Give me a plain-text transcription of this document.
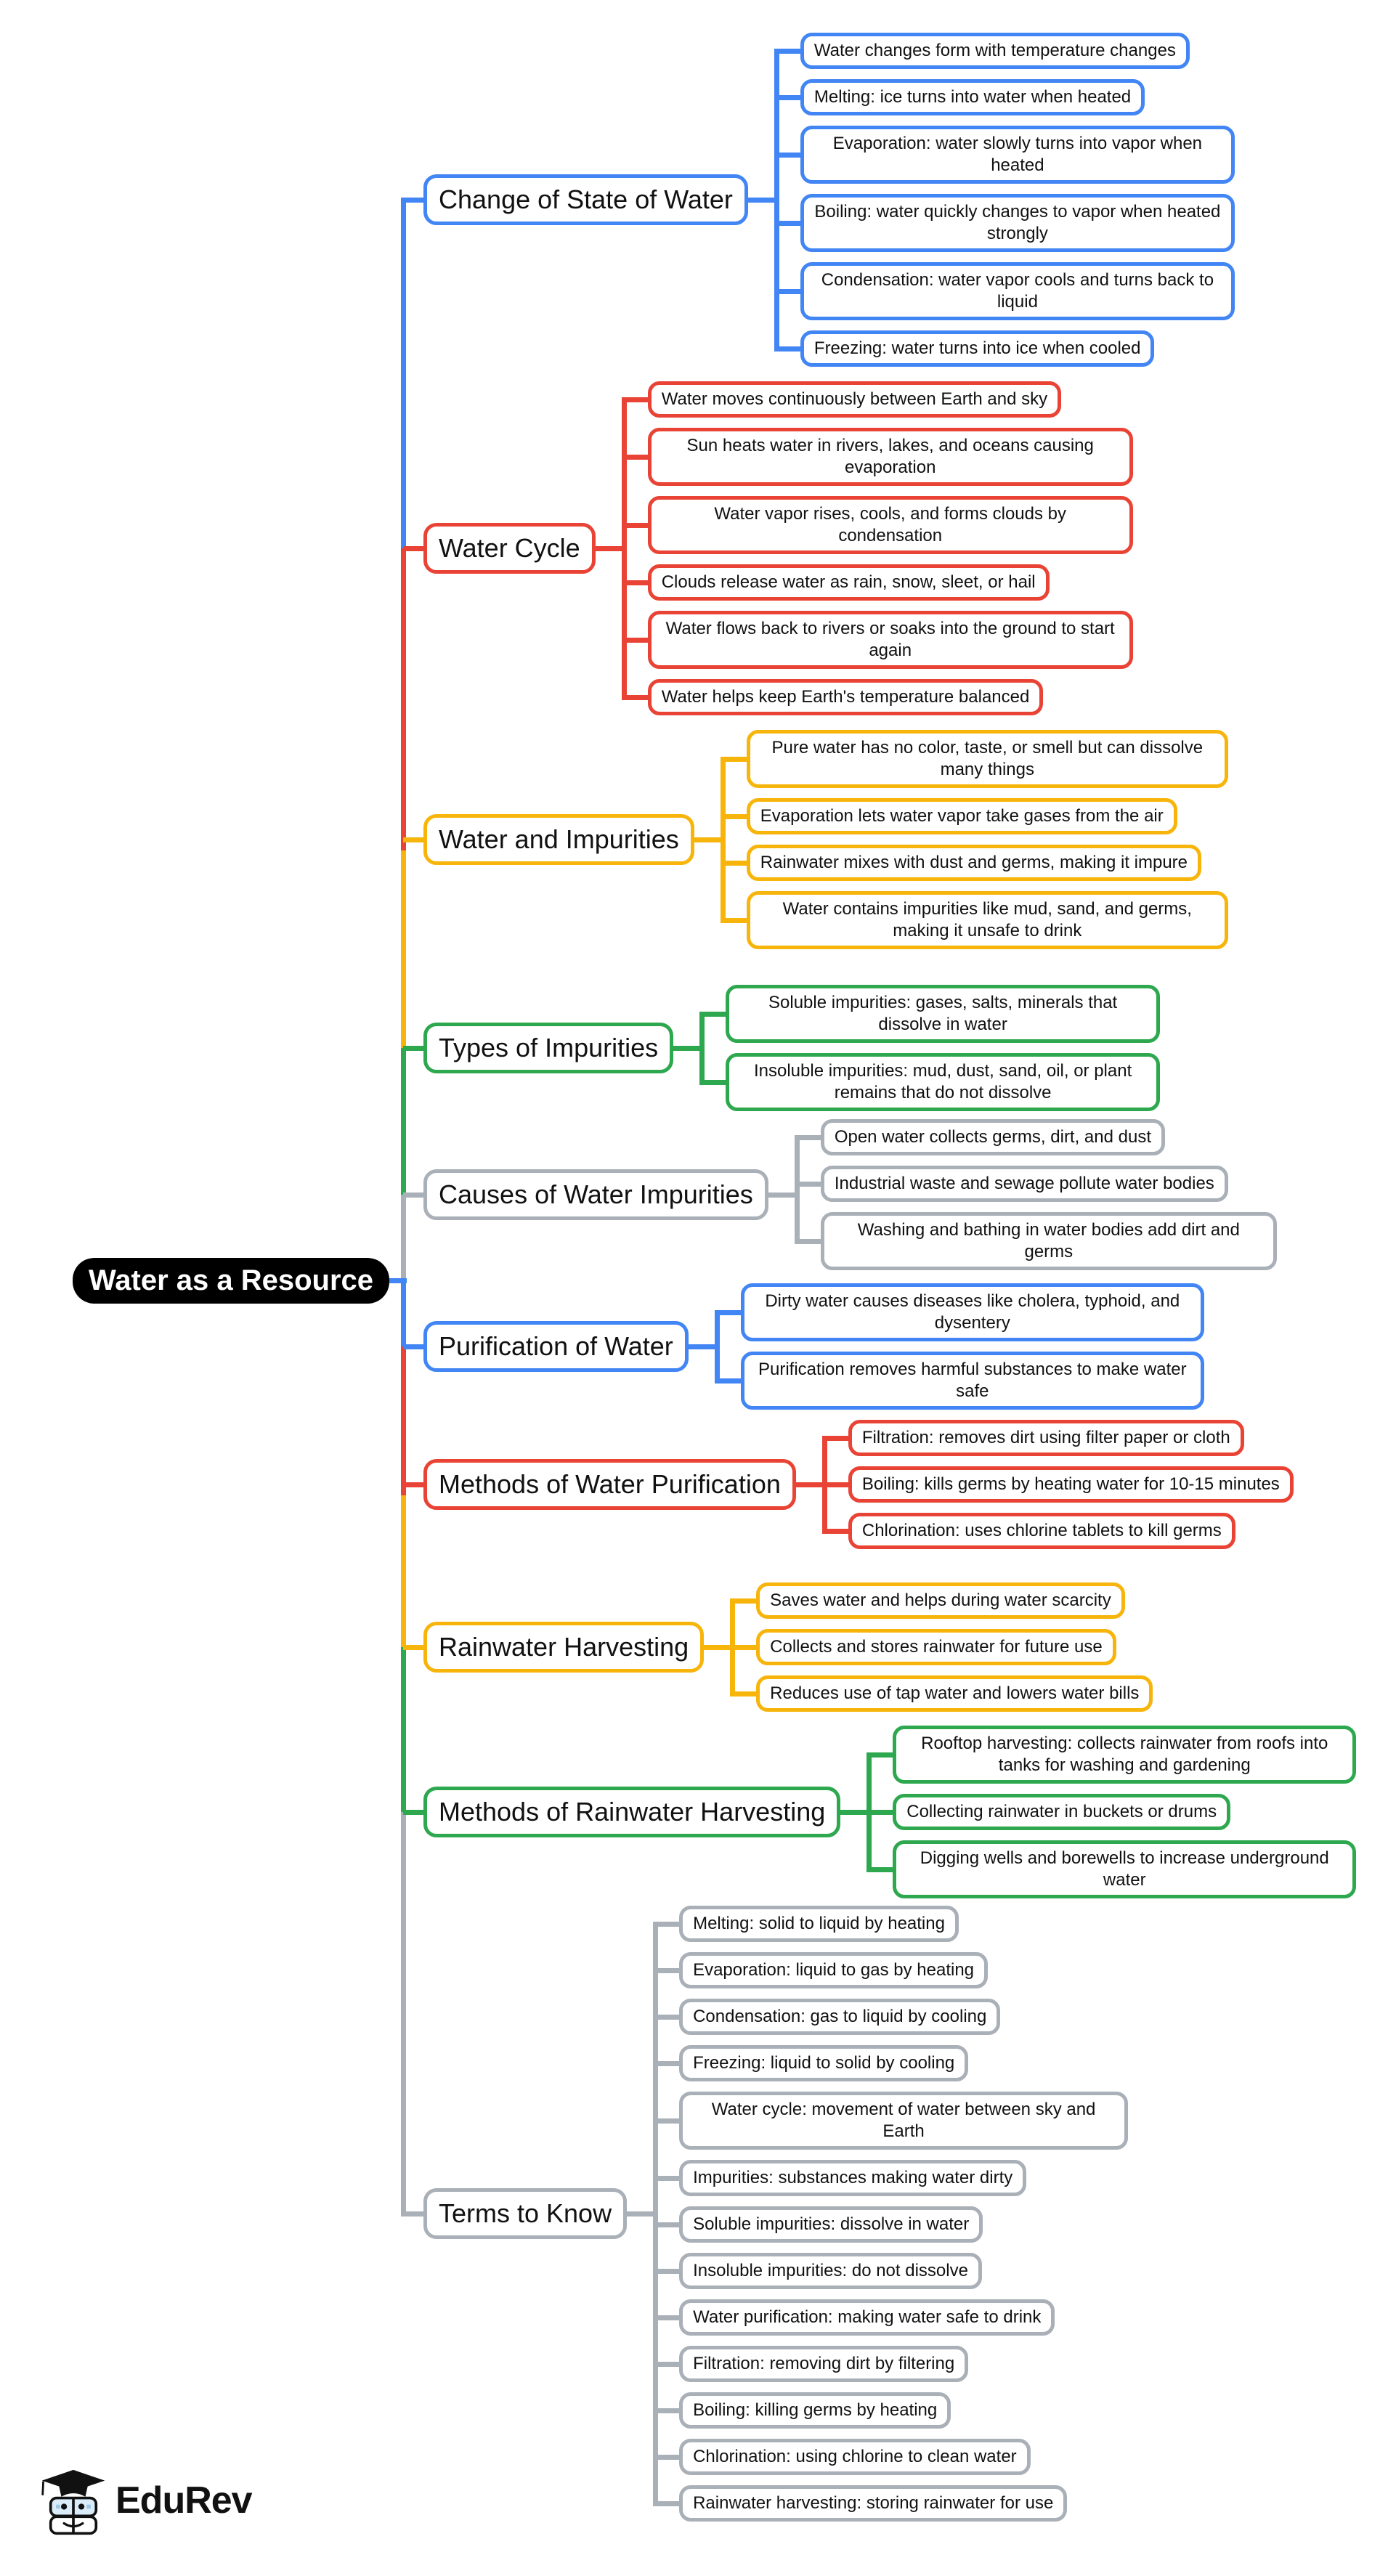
Water as a Resource
Change of State of Water
Water changes form with temperature changes
Melting: ice turns into water when heated
Evaporation: water slowly turns into vapor when heated
Boiling: water quickly changes to vapor when heated strongly
Condensation: water vapor cools and turns back to liquid
Freezing: water turns into ice when cooled
Water Cycle
Water moves continuously between Earth and sky
Sun heats water in rivers, lakes, and oceans causing evaporation
Water vapor rises, cools, and forms clouds by condensation
Clouds release water as rain, snow, sleet, or hail
Water flows back to rivers or soaks into the ground to start again
Water helps keep Earth's temperature balanced
Water and Impurities
Pure water has no color, taste, or smell but can dissolve many things
Evaporation lets water vapor take gases from the air
Rainwater mixes with dust and germs, making it impure
Water contains impurities like mud, sand, and germs, making it unsafe to drink
Types of Impurities
Soluble impurities: gases, salts, minerals that dissolve in water
Insoluble impurities: mud, dust, sand, oil, or plant remains that do not dissolve
Causes of Water Impurities
Open water collects germs, dirt, and dust
Industrial waste and sewage pollute water bodies
Washing and bathing in water bodies add dirt and germs
Purification of Water
Dirty water causes diseases like cholera, typhoid, and dysentery
Purification removes harmful substances to make water safe
Methods of Water Purification
Filtration: removes dirt using filter paper or cloth
Boiling: kills germs by heating water for 10-15 minutes
Chlorination: uses chlorine tablets to kill germs
Rainwater Harvesting
Saves water and helps during water scarcity
Collects and stores rainwater for future use
Reduces use of tap water and lowers water bills
Methods of Rainwater Harvesting
Rooftop harvesting: collects rainwater from roofs into tanks for washing and gardening
Collecting rainwater in buckets or drums
Digging wells and borewells to increase underground water
Terms to Know
Melting: solid to liquid by heating
Evaporation: liquid to gas by heating
Condensation: gas to liquid by cooling
Freezing: liquid to solid by cooling
Water cycle: movement of water between sky and Earth
Impurities: substances making water dirty
Soluble impurities: dissolve in water
Insoluble impurities: do not dissolve
Water purification: making water safe to drink
Filtration: removing dirt by filtering
Boiling: killing germs by heating
Chlorination: using chlorine to clean water
Rainwater harvesting: storing rainwater for use
EduRev
